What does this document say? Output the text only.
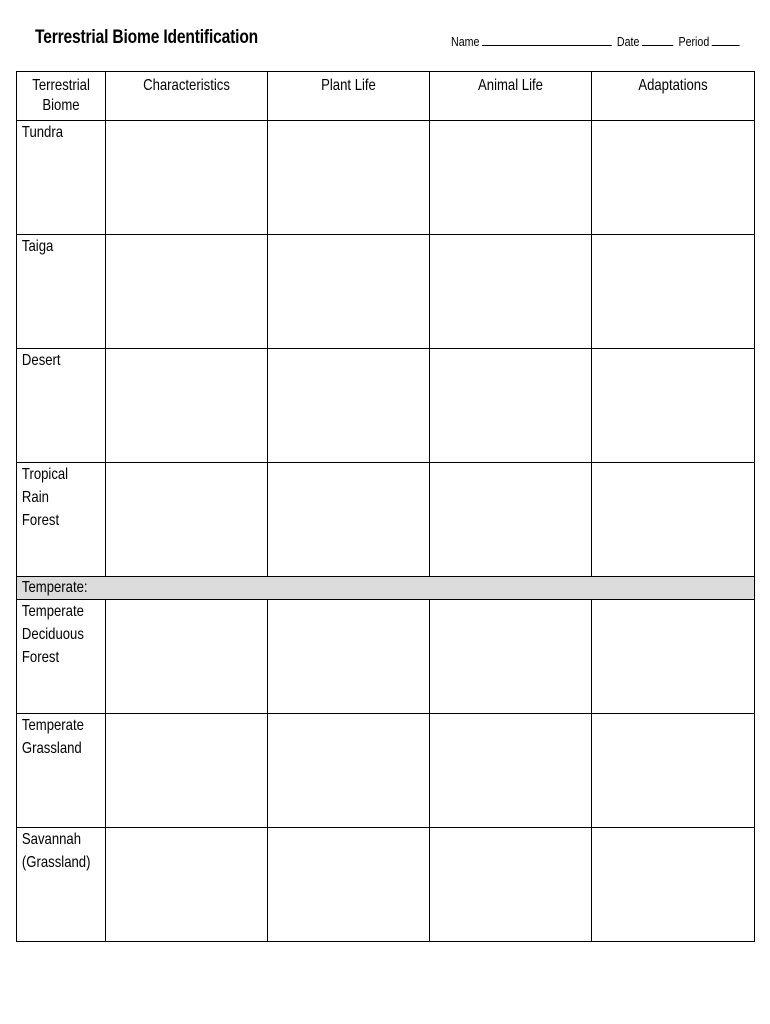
Terrestrial Biome Identification	Name	Date	Period
Terrestrial Biome	Characteristics	Plant Life	Animal Life	Adaptations

Tundra				

Taiga				

Desert				

Tropical
Rain Forest				

Temperate:				

Temperate
Deciduous
Forest				

Temperate
Grassland				

Savannah
(Grassland)				
